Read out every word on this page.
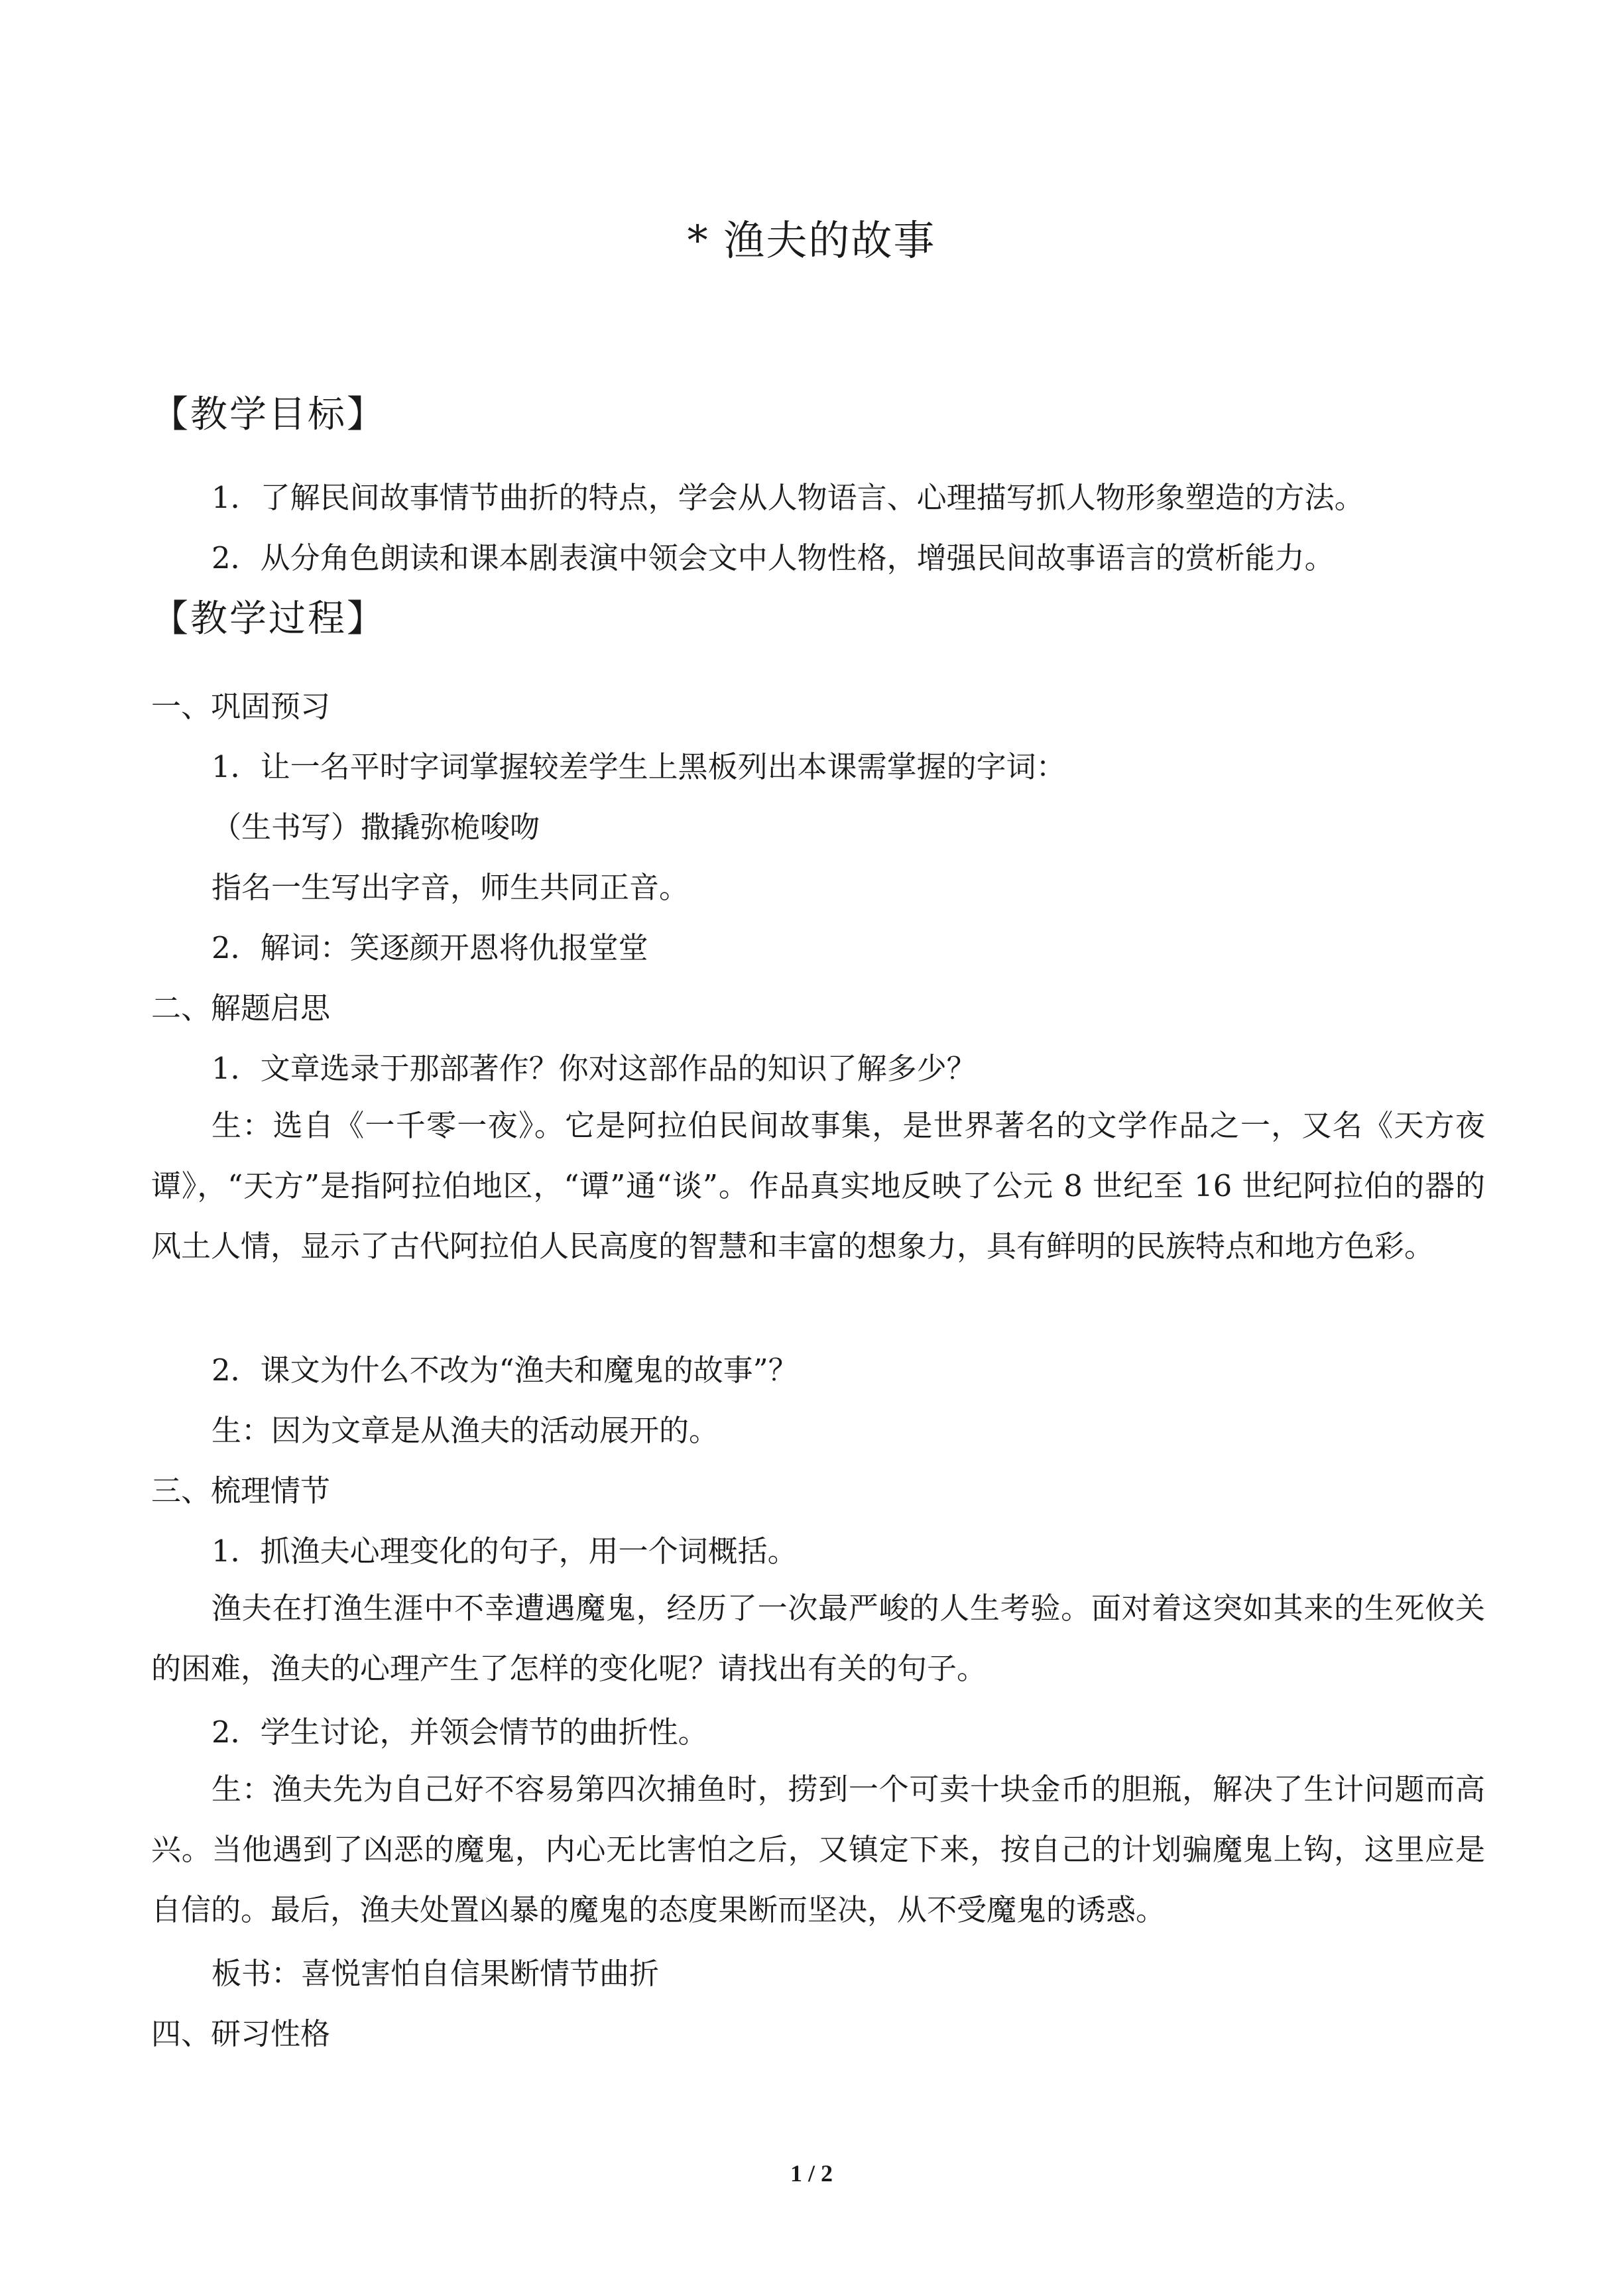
* 渔夫的故事
【教学目标】
1．了解民间故事情节曲折的特点，学会从人物语言、心理描写抓人物形象塑造的方法。
2．从分角色朗读和课本剧表演中领会文中人物性格，增强民间故事语言的赏析能力。
【教学过程】
一、巩固预习
1．让一名平时字词掌握较差学生上黑板列出本课需掌握的字词：
（生书写）撒撬弥桅唆吻
指名一生写出字音，师生共同正音。
2．解词：笑逐颜开恩将仇报堂堂
二、解题启思
1．文章选录于那部著作？你对这部作品的知识了解多少？
生：选自《一千零一夜》。它是阿拉伯民间故事集，是世界著名的文学作品之一，又名《天方夜谭》，“天方”是指阿拉伯地区，“谭”通“谈”。作品真实地反映了公元 8 世纪至 16 世纪阿拉伯的器的风土人情，显示了古代阿拉伯人民高度的智慧和丰富的想象力，具有鲜明的民族特点和地方色彩。
2．课文为什么不改为“渔夫和魔鬼的故事”？
生：因为文章是从渔夫的活动展开的。
三、梳理情节
1．抓渔夫心理变化的句子，用一个词概括。
渔夫在打渔生涯中不幸遭遇魔鬼，经历了一次最严峻的人生考验。面对着这突如其来的生死攸关的困难，渔夫的心理产生了怎样的变化呢？请找出有关的句子。
2．学生讨论，并领会情节的曲折性。
生：渔夫先为自己好不容易第四次捕鱼时，捞到一个可卖十块金币的胆瓶，解决了生计问题而高兴。当他遇到了凶恶的魔鬼，内心无比害怕之后，又镇定下来，按自己的计划骗魔鬼上钩，这里应是自信的。最后，渔夫处置凶暴的魔鬼的态度果断而坚决，从不受魔鬼的诱惑。
板书：喜悦害怕自信果断情节曲折
四、研习性格
1 / 2
